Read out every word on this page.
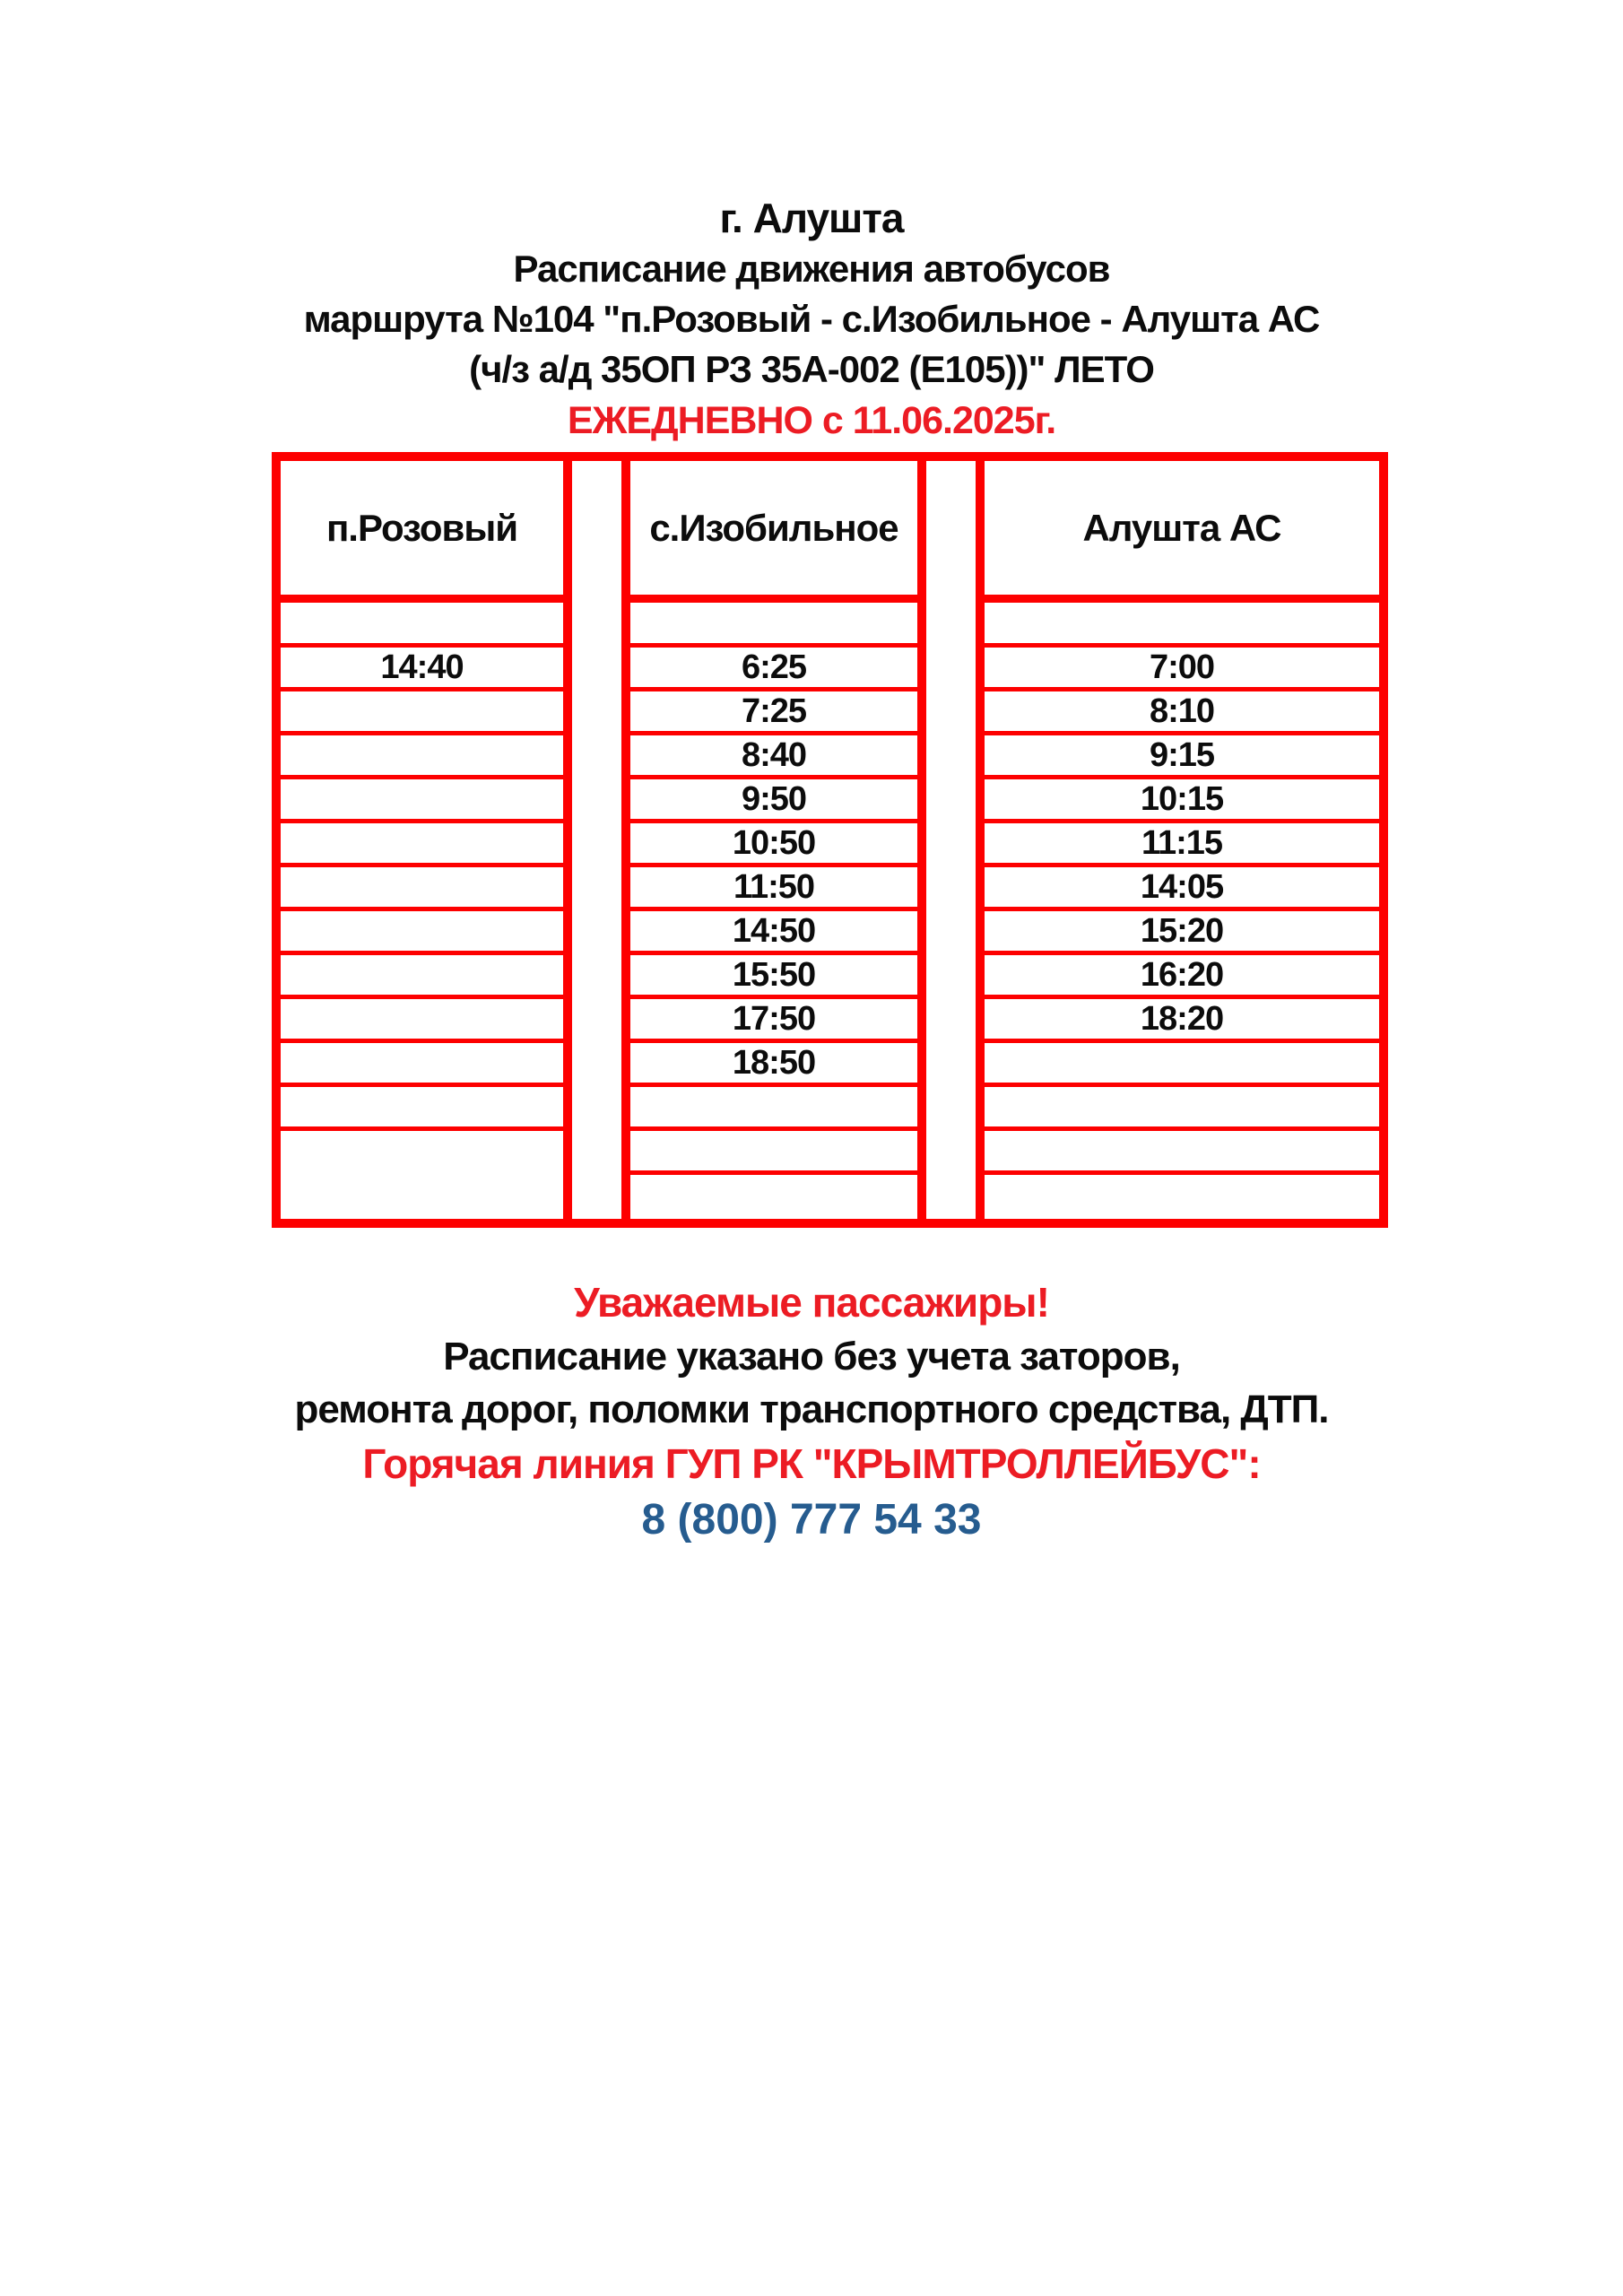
г. Алушта
Расписание движения автобусов
маршрута №104 "п.Розовый - с.Изобильное - Алушта АС
(ч/з а/д 35ОП РЗ 35А-002 (Е105))" ЛЕТО
ЕЖЕДНЕВНО с 11.06.2025г.
п.Розовый
14:40
с.Изобильное
6:25
7:25
8:40
9:50
10:50
11:50
14:50
15:50
17:50
18:50
Алушта АС
7:00
8:10
9:15
10:15
11:15
14:05
15:20
16:20
18:20
Уважаемые пассажиры!
Расписание указано без учета заторов,
ремонта дорог, поломки транспортного средства, ДТП.
Горячая линия ГУП РК "КРЫМТРОЛЛЕЙБУС":
8 (800) 777 54 33
